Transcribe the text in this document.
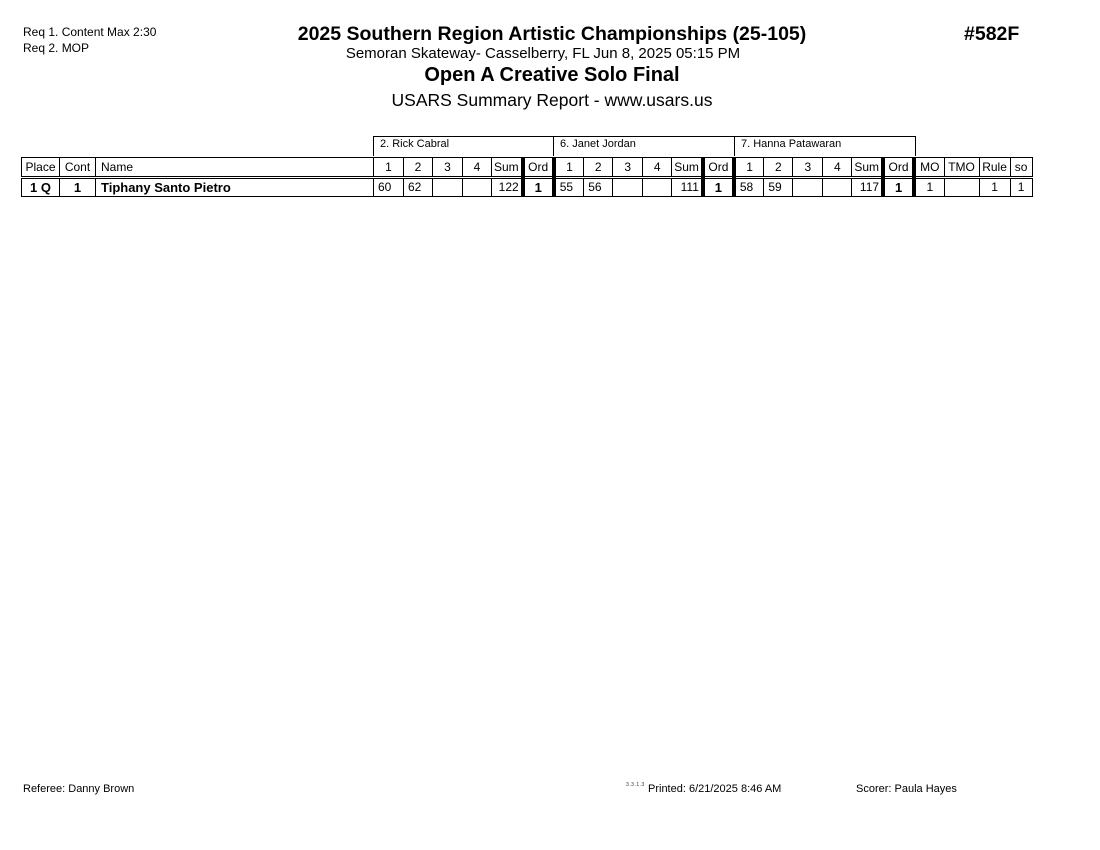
Req 1. Content Max 2:30
Req 2. MOP
2025 Southern Region Artistic Championships (25-105)
Semoran Skateway- Casselberry, FL Jun 8, 2025 05:15 PM
Open A Creative Solo Final
USARS Summary Report - www.usars.us
#582F
2. Rick Cabral	6. Janet Jordan	7. Hanna Patawaran
Place	Cont	Name	1	2	3	4	Sum	Ord	1	2	3	4	Sum	Ord	1	2	3	4	Sum	Ord	MO	TMO	Rule	so
1 Q	1	Tiphany Santo Pietro	60	62			122	1	55	56			111	1	58	59			117	1	1		1	1
Referee: Danny Brown	3.3.1.3 Printed: 6/21/2025 8:46 AM	Scorer: Paula Hayes
